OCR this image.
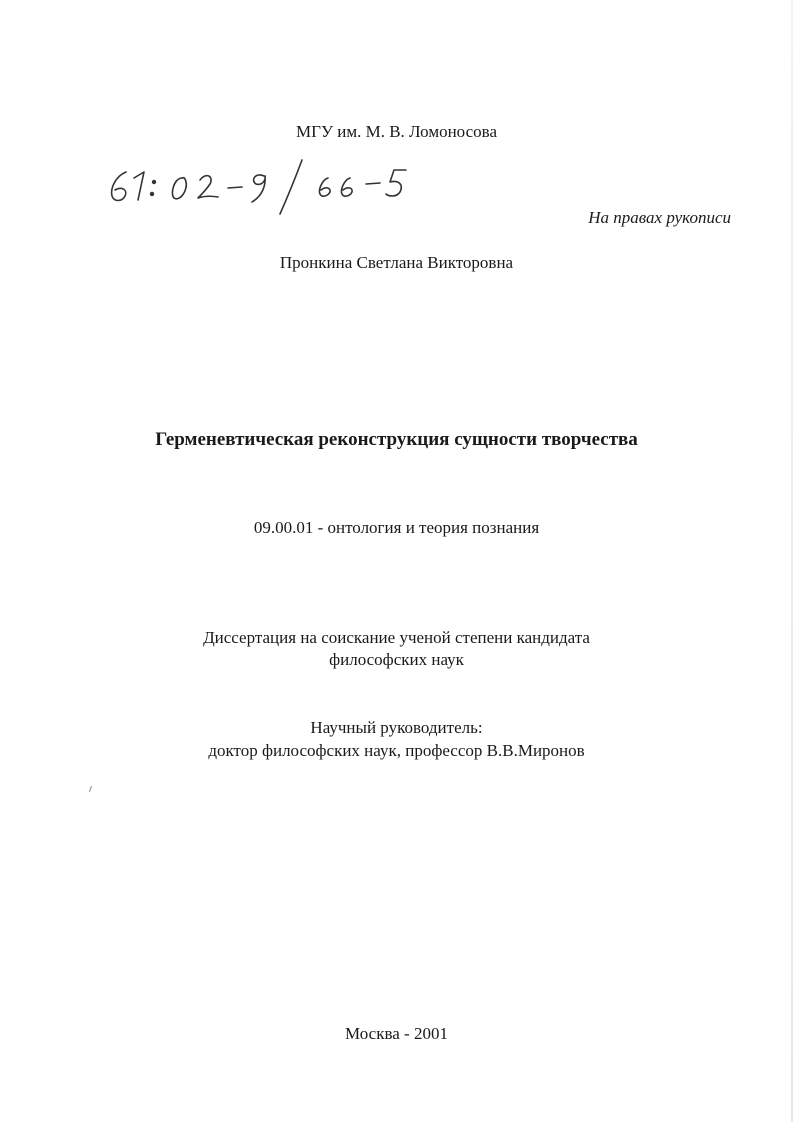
МГУ им. М. В. Ломоносова
На правах рукописи
Пронкина Светлана Викторовна
Герменевтическая реконструкция сущности творчества
09.00.01 - онтология и теория познания
Диссертация на соискание ученой степени кандидата
философских наук
Научный руководитель:
доктор философских наук, профессор В.В.Миронов
Москва - 2001
